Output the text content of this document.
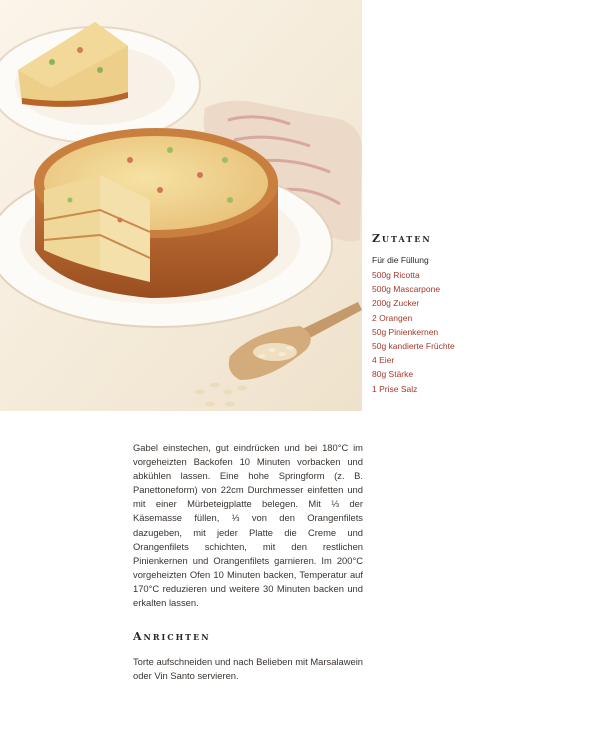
Zutaten
Für die Füllung
500g Ricotta
500g Mascarpone
200g Zucker
2 Orangen
50g Pinienkernen
50g kandierte Früchte
4 Eier
80g Stärke
1 Prise Salz

Gabel einstechen, gut eindrücken und bei 180°C im vorgeheizten Backofen 10 Minuten vorbacken und abkühlen lassen. Eine hohe Springform (z. B. Panettoneform) von 22cm Durchmesser einfetten und mit einer Mürbeteigplatte belegen. Mit ⅓ der Käsemasse füllen, ⅓ von den Orangenfilets dazugeben, mit jeder Platte die Creme und Orangenfilets schichten, mit den restlichen Pinienkernen und Orangenfilets garnieren. Im 200°C vorgeheizten Ofen 10 Minuten backen, Temperatur auf 170°C reduzieren und weitere 30 Minuten backen und erkalten lassen.

Anrichten

Torte aufschneiden und nach Belieben mit Marsalawein oder Vin Santo servieren.
